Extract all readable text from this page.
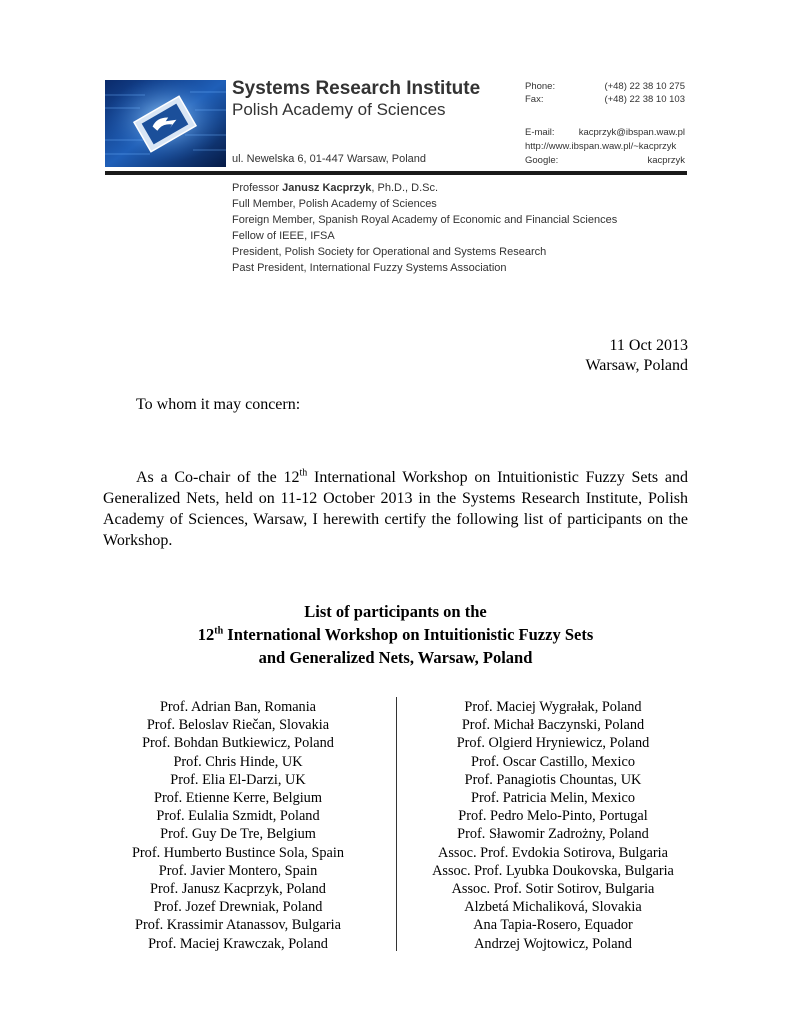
Systems Research Institute
Polish Academy of Sciences
ul. Newelska 6, 01-447 Warsaw, Poland
Phone:	(+48) 22 38 10 275
Fax:	(+48) 22 38 10 103
E-mail:	kacprzyk@ibspan.waw.pl
http://www.ibspan.waw.pl/~kacprzyk
Google:	kacprzyk
Professor Janusz Kacprzyk, Ph.D., D.Sc.
Full Member, Polish Academy of Sciences
Foreign Member, Spanish Royal Academy of Economic and Financial Sciences
Fellow of IEEE, IFSA
President, Polish Society for Operational and Systems Research
Past President, International Fuzzy Systems Association
11 Oct 2013
Warsaw, Poland
To whom it may concern:
As a Co-chair of the 12th International Workshop on Intuitionistic Fuzzy Sets and Generalized Nets, held on 11-12 October 2013 in the Systems Research Institute, Polish Academy of Sciences, Warsaw, I herewith certify the following list of participants on the Workshop.
List of participants on the
12th International Workshop on Intuitionistic Fuzzy Sets
and Generalized Nets, Warsaw, Poland
Prof. Adrian Ban, Romania
Prof. Beloslav Riečan, Slovakia
Prof. Bohdan Butkiewicz, Poland
Prof. Chris Hinde, UK
Prof. Elia El-Darzi, UK
Prof. Etienne Kerre, Belgium
Prof. Eulalia Szmidt, Poland
Prof. Guy De Tre, Belgium
Prof. Humberto Bustince Sola, Spain
Prof. Javier Montero, Spain
Prof. Janusz Kacprzyk, Poland
Prof. Jozef Drewniak, Poland
Prof. Krassimir Atanassov, Bulgaria
Prof. Maciej Krawczak, Poland
Prof. Maciej Wygrałak, Poland
Prof. Michał Baczynski, Poland
Prof. Olgierd Hryniewicz, Poland
Prof. Oscar Castillo, Mexico
Prof. Panagiotis Chountas, UK
Prof. Patricia Melin, Mexico
Prof. Pedro Melo-Pinto, Portugal
Prof. Sławomir Zadrożny, Poland
Assoc. Prof. Evdokia Sotirova, Bulgaria
Assoc. Prof. Lyubka Doukovska, Bulgaria
Assoc. Prof. Sotir Sotirov, Bulgaria
Alzbetá Michaliková, Slovakia
Ana Tapia-Rosero, Equador
Andrzej Wojtowicz, Poland
